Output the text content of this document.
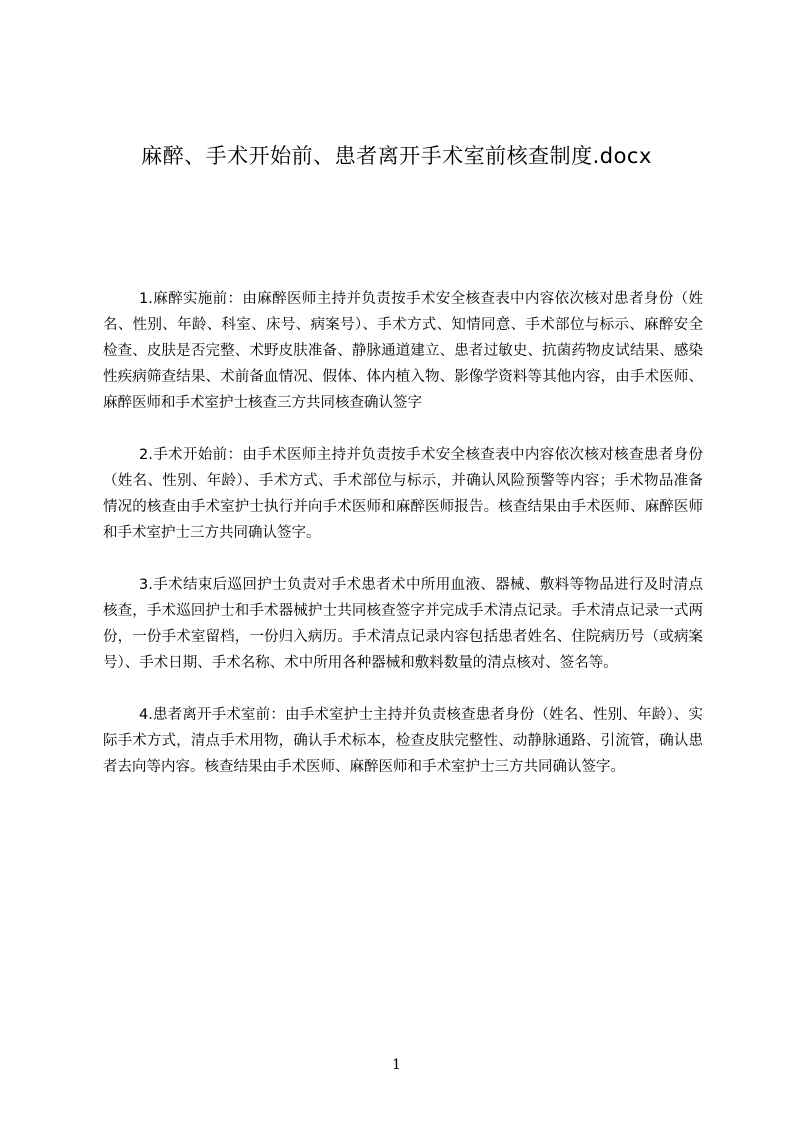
麻醉、手术开始前、患者离开手术室前核查制度.docx

1.麻醉实施前：由麻醉医师主持并负责按手术安全核查表中内容依次核对患者身份（姓名、性别、年龄、科室、床号、病案号）、手术方式、知情同意、手术部位与标示、麻醉安全检查、皮肤是否完整、术野皮肤准备、静脉通道建立、患者过敏史、抗菌药物皮试结果、感染性疾病筛查结果、术前备血情况、假体、体内植入物、影像学资料等其他内容，由手术医师、麻醉医师和手术室护士核查三方共同核查确认签字

2.手术开始前：由手术医师主持并负责按手术安全核查表中内容依次核对核查患者身份（姓名、性别、年龄）、手术方式、手术部位与标示，并确认风险预警等内容；手术物品准备情况的核查由手术室护士执行并向手术医师和麻醉医师报告。核查结果由手术医师、麻醉医师和手术室护士三方共同确认签字。

3.手术结束后巡回护士负责对手术患者术中所用血液、器械、敷料等物品进行及时清点核查，手术巡回护士和手术器械护士共同核查签字并完成手术清点记录。手术清点记录一式两份，一份手术室留档，一份归入病历。手术清点记录内容包括患者姓名、住院病历号（或病案号）、手术日期、手术名称、术中所用各种器械和敷料数量的清点核对、签名等。

4.患者离开手术室前：由手术室护士主持并负责核查患者身份（姓名、性别、年龄）、实际手术方式，清点手术用物，确认手术标本，检查皮肤完整性、动静脉通路、引流管，确认患者去向等内容。核查结果由手术医师、麻醉医师和手术室护士三方共同确认签字。

1
